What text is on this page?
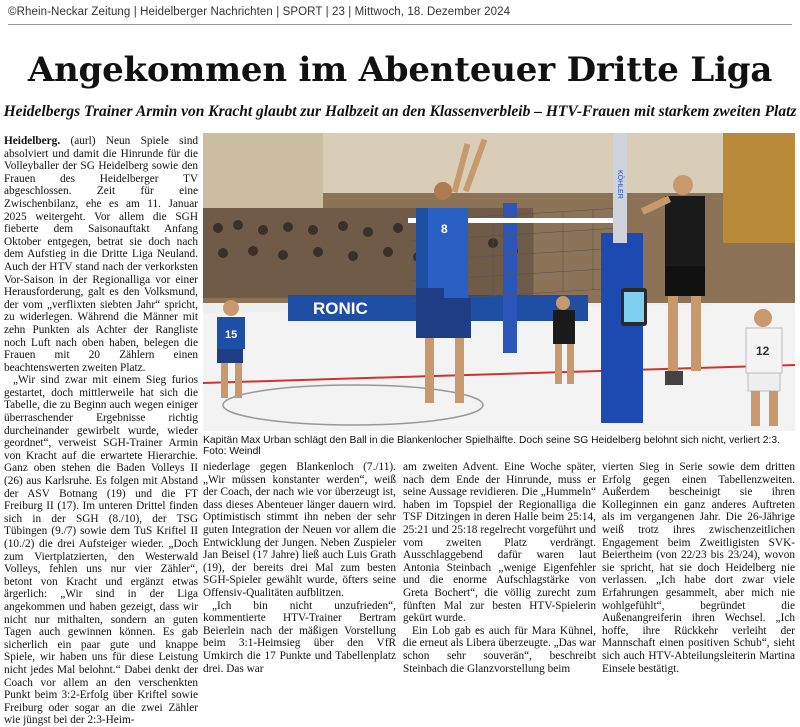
©Rhein-Neckar Zeitung | Heidelberger Nachrichten | SPORT | 23 | Mittwoch, 18. Dezember 2024
Angekommen im Abenteuer Dritte Liga
Heidelbergs Trainer Armin von Kracht glaubt zur Halbzeit an den Klassenverbleib – HTV-Frauen mit starkem zweiten Platz

Heidelberg. (aurl) Neun Spiele sind absolviert und damit die Hinrunde für die Volleyballer der SG Heidelberg sowie den Frauen des Heidelberger TV abgeschlossen. Zeit für eine Zwischenbilanz, ehe es am 11. Januar 2025 weitergeht. Vor allem die SGH fieberte dem Saisonauftakt Anfang Oktober entgegen, betrat sie doch nach dem Aufstieg in die Dritte Liga Neuland. Auch der HTV stand nach der verkorksten Vor-Saison in der Regionalliga vor einer Herausforderung, galt es den Volksmund, der vom „verflixten siebten Jahr“ spricht, zu widerlegen. Während die Männer mit zehn Punkten als Achter der Rangliste noch Luft nach oben haben, belegen die Frauen mit 20 Zählern einen beachtenswerten zweiten Platz.

„Wir sind zwar mit einem Sieg furios gestartet, doch mittlerweile hat sich die Tabelle, die zu Beginn auch wegen einiger überraschender Ergebnisse richtig durcheinander gewirbelt wurde, wieder geordnet“, verweist SGH-Trainer Armin von Kracht auf die erwartete Hierarchie. Ganz oben stehen die Baden Volleys II (26) aus Karlsruhe. Es folgen mit Abstand der ASV Botnang (19) und die FT Freiburg II (17). Im unteren Drittel finden sich in der SGH (8./10), der TSG Tübingen (9./7) sowie dem TuS Kriftel II (10./2) die drei Aufsteiger wieder. „Doch zum Viertplatzierten, den Westerwald Volleys, fehlen uns nur vier Zähler“, betont von Kracht und ergänzt etwas ärgerlich: „Wir sind in der Liga angekommen und haben gezeigt, dass wir nicht nur mithalten, sondern an guten Tagen auch gewinnen können. Es gab sicherlich ein paar gute und knappe Spiele, wir haben uns für diese Leistung nicht jedes Mal belohnt.“ Dabei denkt der Coach vor allem an den verschenkten Punkt beim 3:2-Erfolg über Kriftel sowie Freiburg oder sogar an die zwei Zähler wie jüngst bei der 2:3-Heim-

RONIC
KÖHLER
15
8
12
Kapitän Max Urban schlägt den Ball in die Blankenlocher Spielhälfte. Doch seine SG Heidelberg belohnt sich nicht, verliert 2:3. Foto: Weindl

niederlage gegen Blankenloch (7./11). „Wir müssen konstanter werden“, weiß der Coach, der nach wie vor überzeugt ist, dass dieses Abenteuer länger dauern wird. Optimistisch stimmt ihn neben der sehr guten Integration der Neuen vor allem die Entwicklung der Jungen. Neben Zuspieler Jan Beisel (17 Jahre) ließ auch Luis Grath (19), der bereits drei Mal zum besten SGH-Spieler gewählt wurde, öfters seine Offensiv-Qualitäten aufblitzen.

„Ich bin nicht unzufrieden“, kommentierte HTV-Trainer Bertram Beierlein nach der mäßigen Vorstellung beim 3:1-Heimsieg über den VfR Umkirch die 17 Punkte und Tabellenplatz drei. Das war

am zweiten Advent. Eine Woche später, nach dem Ende der Hinrunde, muss er seine Aussage revidieren. Die „Hummeln“ haben im Topspiel der Regionalliga die TSF Ditzingen in deren Halle beim 25:14, 25:21 und 25:18 regelrecht vorgeführt und vom zweiten Platz verdrängt. Ausschlaggebend dafür waren laut Antonia Steinbach „wenige Eigenfehler und die enorme Aufschlagstärke von Greta Bochert“, die völlig zurecht zum fünften Mal zur besten HTV-Spielerin gekürt wurde.

Ein Lob gab es auch für Mara Kühnel, die erneut als Libera überzeugte. „Das war schon sehr souverän“, beschreibt Steinbach die Glanzvorstellung beim

vierten Sieg in Serie sowie dem dritten Erfolg gegen einen Tabellenzweiten. Außerdem bescheinigt sie ihren Kolleginnen ein ganz anderes Auftreten als im vergangenen Jahr. Die 26-Jährige weiß trotz ihres zwischenzeitlichen Engagement beim Zweitligisten SVK-Beiertheim (von 22/23 bis 23/24), wovon sie spricht, hat sie doch Heidelberg nie verlassen. „Ich habe dort zwar viele Erfahrungen gesammelt, aber mich nie wohlgefühlt“, begründet die Außenangreiferin ihren Wechsel. „Ich hoffe, ihre Rückkehr verleiht der Mannschaft einen positiven Schub“, sieht sich auch HTV-Abteilungsleiterin Martina Einsele bestätigt.
